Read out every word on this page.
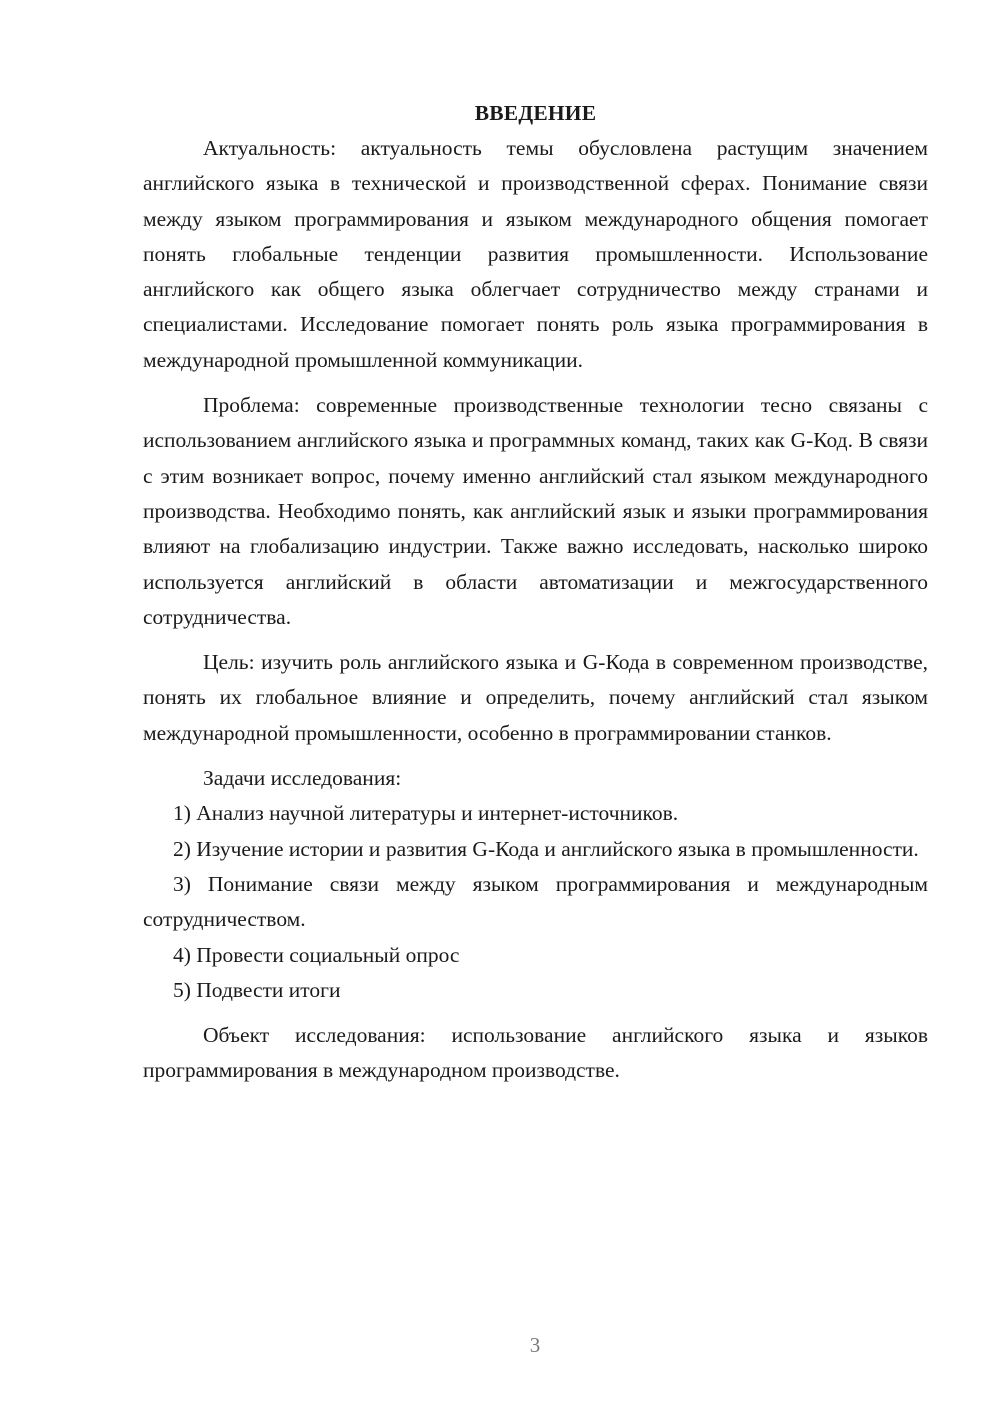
ВВЕДЕНИЕ

Актуальность: актуальность темы обусловлена растущим значением английского языка в технической и производственной сферах. Понимание связи между языком программирования и языком международного общения помогает понять глобальные тенденции развития промышленности. Использование английского как общего языка облегчает сотрудничество между странами и специалистами. Исследование помогает понять роль языка программирования в международной промышленной коммуникации.

Проблема: современные производственные технологии тесно связаны с использованием английского языка и программных команд, таких как G-Код. В связи с этим возникает вопрос, почему именно английский стал языком международного производства. Необходимо понять, как английский язык и языки программирования влияют на глобализацию индустрии. Также важно исследовать, насколько широко используется английский в области автоматизации и межгосударственного сотрудничества.

Цель: изучить роль английского языка и G-Кода в современном производстве, понять их глобальное влияние и определить, почему английский стал языком международной промышленности, особенно в программировании станков.

Задачи исследования:

1) Анализ научной литературы и интернет-источников.

2) Изучение истории и развития G-Кода и английского языка в промышленности.

3) Понимание связи между языком программирования и международным сотрудничеством.

4) Провести социальный опрос

5) Подвести итоги

Объект исследования: использование английского языка и языков программирования в международном производстве.

3
